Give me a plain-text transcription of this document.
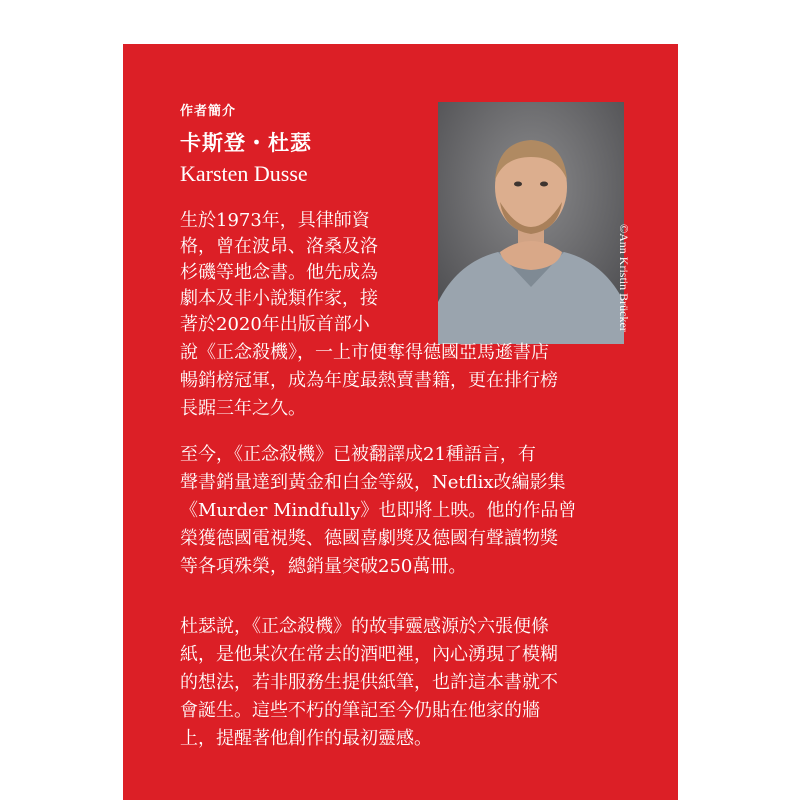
作者簡介
卡斯登・杜瑟
Karsten Dusse
©Ann Kristin Brücker
生於1973年，具律師資
格，曾在波昂、洛桑及洛
杉磯等地念書。他先成為
劇本及非小說類作家，接
著於2020年出版首部小
說《正念殺機》，一上市便奪得德國亞馬遜書店
暢銷榜冠軍，成為年度最熱賣書籍，更在排行榜
長踞三年之久。
至今，《正念殺機》已被翻譯成21種語言，有
聲書銷量達到黃金和白金等級，Netflix改編影集
《Murder Mindfully》也即將上映。他的作品曾
榮獲德國電視獎、德國喜劇獎及德國有聲讀物獎
等各項殊榮，總銷量突破250萬冊。
杜瑟說，《正念殺機》的故事靈感源於六張便條
紙，是他某次在常去的酒吧裡，內心湧現了模糊
的想法，若非服務生提供紙筆，也許這本書就不
會誕生。這些不朽的筆記至今仍貼在他家的牆
上，提醒著他創作的最初靈感。
